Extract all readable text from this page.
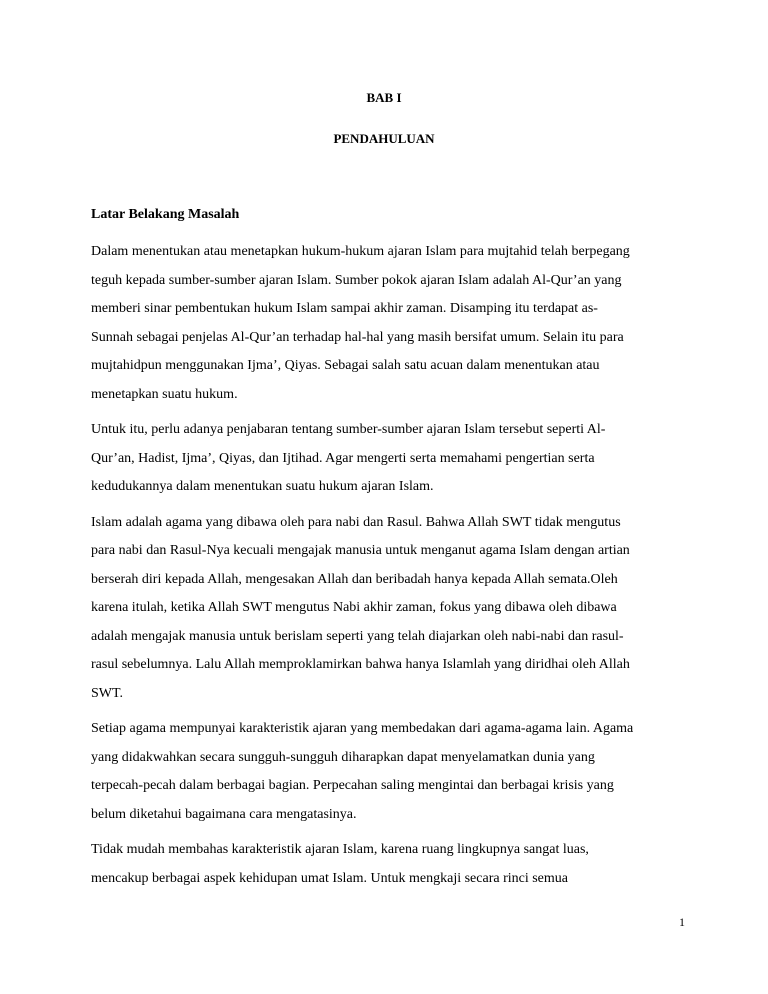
BAB I
PENDAHULUAN
Latar Belakang Masalah

Dalam menentukan atau menetapkan hukum-hukum ajaran Islam para mujtahid telah berpegang
teguh kepada sumber-sumber ajaran Islam. Sumber pokok ajaran Islam adalah Al-Qur’an yang
memberi sinar pembentukan hukum Islam sampai akhir zaman. Disamping itu terdapat as-
Sunnah sebagai penjelas Al-Qur’an terhadap hal-hal yang masih bersifat umum. Selain itu para
mujtahidpun menggunakan Ijma’, Qiyas. Sebagai salah satu acuan dalam menentukan atau
menetapkan suatu hukum.

Untuk itu, perlu adanya penjabaran tentang sumber-sumber ajaran Islam tersebut seperti Al-
Qur’an, Hadist, Ijma’, Qiyas, dan Ijtihad. Agar mengerti serta memahami pengertian serta
kedudukannya dalam menentukan suatu hukum ajaran Islam.

Islam adalah agama yang dibawa oleh para nabi dan Rasul. Bahwa Allah SWT tidak mengutus
para nabi dan Rasul-Nya kecuali mengajak manusia untuk menganut agama Islam dengan artian
berserah diri kepada Allah, mengesakan Allah dan beribadah hanya kepada Allah semata.Oleh
karena itulah, ketika Allah SWT mengutus Nabi akhir zaman, fokus yang dibawa oleh dibawa
adalah mengajak manusia untuk berislam seperti yang telah diajarkan oleh nabi-nabi dan rasul-
rasul sebelumnya. Lalu Allah memproklamirkan bahwa hanya Islamlah yang diridhai oleh Allah
SWT.

Setiap agama mempunyai karakteristik ajaran yang membedakan dari agama-agama lain. Agama
yang didakwahkan secara sungguh-sungguh diharapkan dapat menyelamatkan dunia yang
terpecah-pecah dalam berbagai bagian. Perpecahan saling mengintai dan berbagai krisis yang
belum diketahui bagaimana cara mengatasinya.

Tidak mudah membahas karakteristik ajaran Islam, karena ruang lingkupnya sangat luas,
mencakup berbagai aspek kehidupan umat Islam. Untuk mengkaji secara rinci semua

1
